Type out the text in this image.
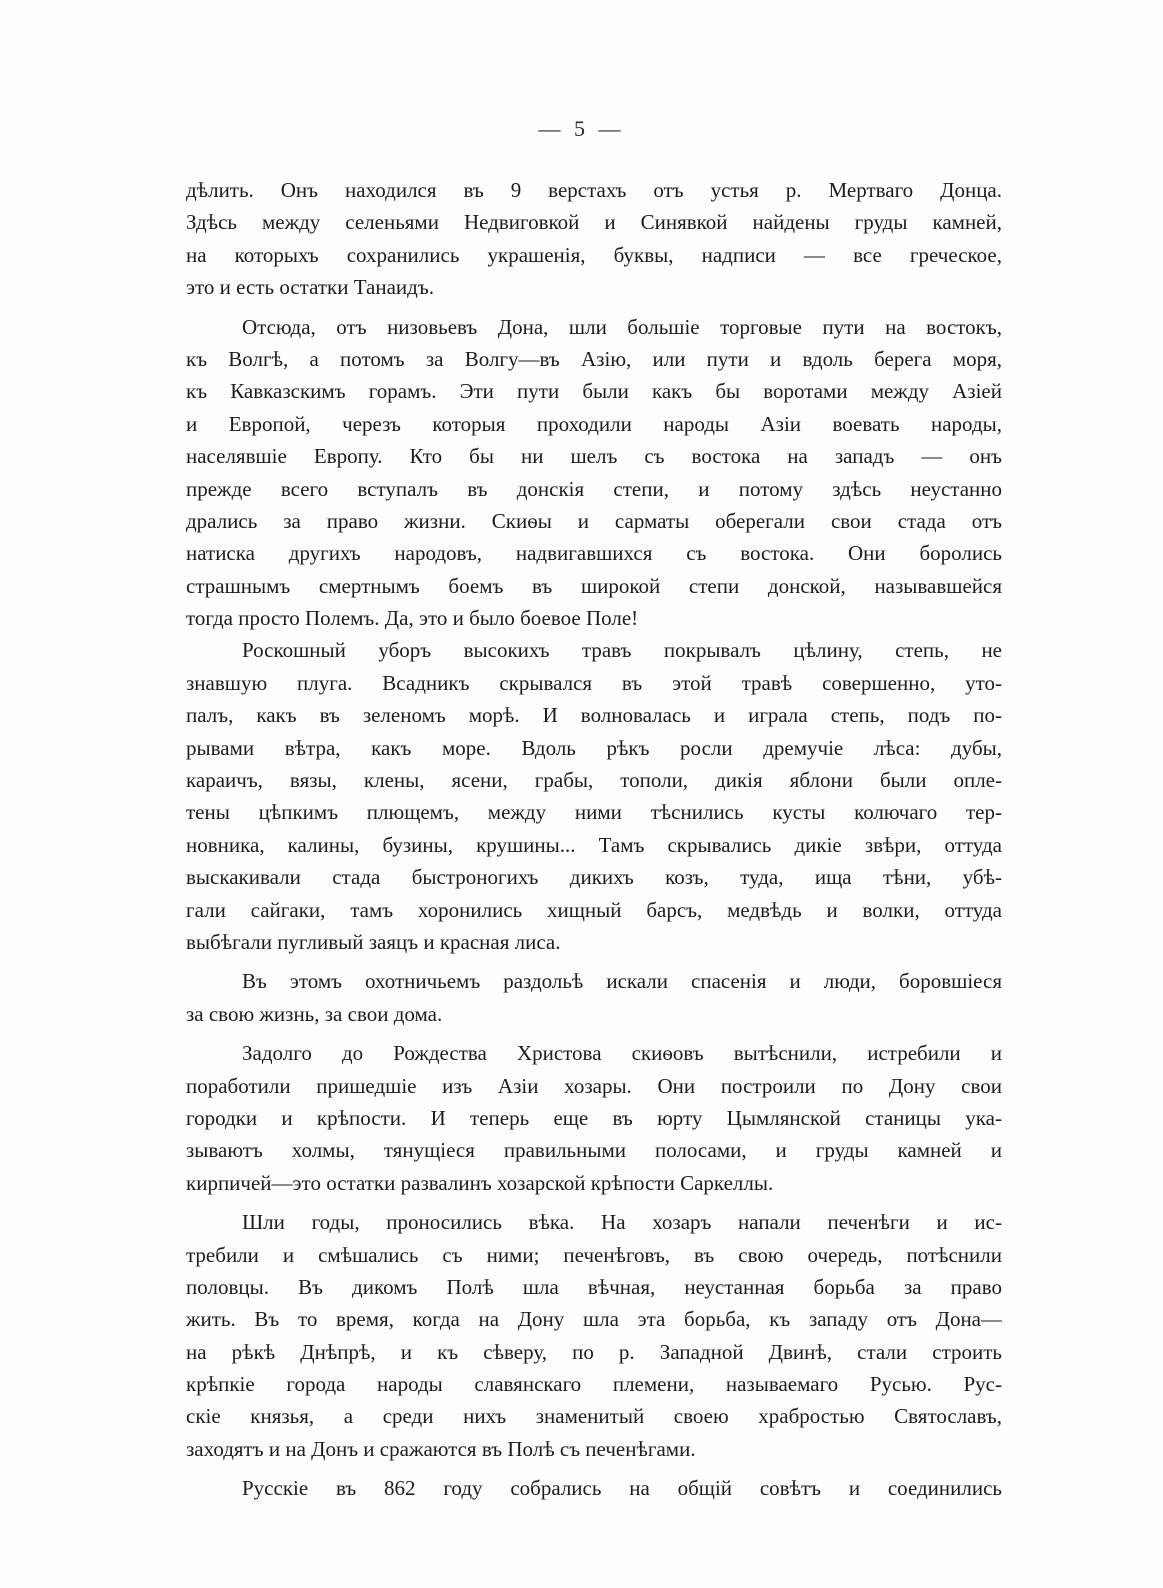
— 5 —
дѣлить. Онъ находился въ 9 верстахъ отъ устья р. Мертваго Донца.
Здѣсь между селеньями Недвиговкой и Синявкой найдены груды камней,
на которыхъ сохранились украшенія, буквы, надписи — все греческое,
это и есть остатки Танаидъ.
Отсюда, отъ низовьевъ Дона, шли большіе торговые пути на востокъ,
къ Волгѣ, а потомъ за Волгу—въ Азію, или пути и вдоль берега моря,
къ Кавказскимъ горамъ. Эти пути были какъ бы воротами между Азіей
и Европой, черезъ которыя проходили народы Азіи воевать народы,
населявшіе Европу. Кто бы ни шелъ съ востока на западъ — онъ
прежде всего вступалъ въ донскія степи, и потому здѣсь неустанно
дрались за право жизни. Скиѳы и сарматы оберегали свои стада отъ
натиска другихъ народовъ, надвигавшихся съ востока. Они боролись
страшнымъ смертнымъ боемъ въ широкой степи донской, называвшейся
тогда просто Полемъ. Да, это и было боевое Поле!
Роскошный уборъ высокихъ травъ покрывалъ цѣлину, степь, не
знавшую плуга. Всадникъ скрывался въ этой травѣ совершенно, уто-
палъ, какъ въ зеленомъ морѣ. И волновалась и играла степь, подъ по-
рывами вѣтра, какъ море. Вдоль рѣкъ росли дремучіе лѣса: дубы,
караичъ, вязы, клены, ясени, грабы, тополи, дикія яблони были опле-
тены цѣпкимъ плющемъ, между ними тѣснились кусты колючаго тер-
новника, калины, бузины, крушины... Тамъ скрывались дикіе звѣри, оттуда
выскакивали стада быстроногихъ дикихъ козъ, туда, ища тѣни, убѣ-
гали сайгаки, тамъ хоронились хищный барсъ, медвѣдь и волки, оттуда
выбѣгали пугливый заяцъ и красная лиса.
Въ этомъ охотничьемъ раздольѣ искали спасенія и люди, боровшіеся
за свою жизнь, за свои дома.
Задолго до Рождества Христова скиѳовъ вытѣснили, истребили и
поработили пришедшіе изъ Азіи хозары. Они построили по Дону свои
городки и крѣпости. И теперь еще въ юрту Цымлянской станицы ука-
зываютъ холмы, тянущіеся правильными полосами, и груды камней и
кирпичей—это остатки развалинъ хозарской крѣпости Саркеллы.
Шли годы, проносились вѣка. На хозаръ напали печенѣги и ис-
требили и смѣшались съ ними; печенѣговъ, въ свою очередь, потѣснили
половцы. Въ дикомъ Полѣ шла вѣчная, неустанная борьба за право
жить. Въ то время, когда на Дону шла эта борьба, къ западу отъ Дона—
на рѣкѣ Днѣпрѣ, и къ сѣверу, по р. Западной Двинѣ, стали строить
крѣпкіе города народы славянскаго племени, называемаго Русью. Рус-
скіе князья, а среди нихъ знаменитый своею храбростью Святославъ,
заходятъ и на Донъ и сражаются въ Полѣ съ печенѣгами.
Русскіе въ 862 году собрались на общій совѣтъ и соединились
